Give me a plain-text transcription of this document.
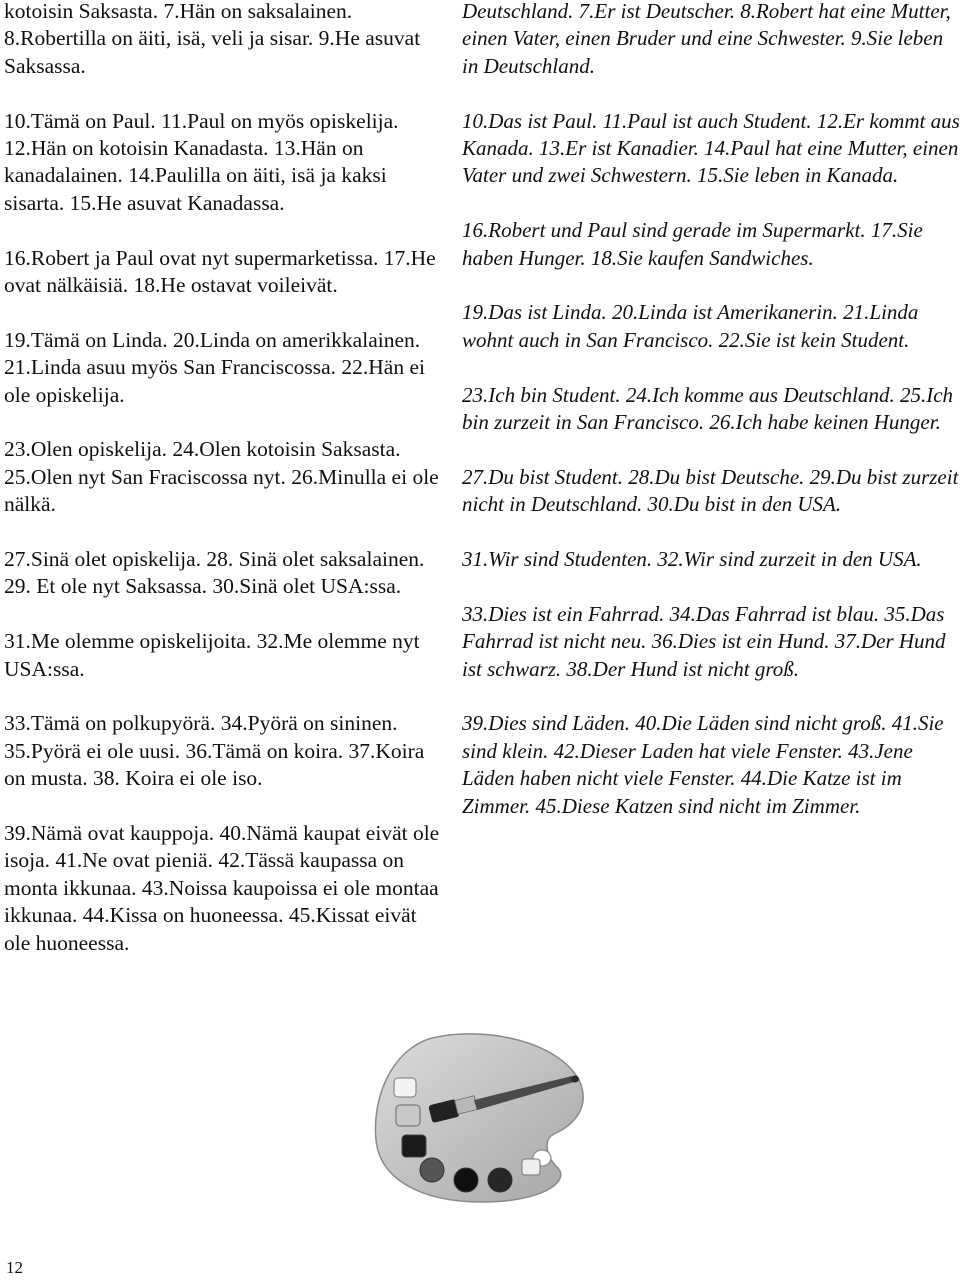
kotoisin Saksasta. 7.Hän on saksalainen. 8.Robertilla on äiti, isä, veli ja sisar. 9.He asuvat Saksassa.

10.Tämä on Paul. 11.Paul on myös opiskelija. 12.Hän on kotoisin Kanadasta. 13.Hän on kanadalainen. 14.Paulilla on äiti, isä ja kaksi sisarta. 15.He asuvat Kanadassa.

16.Robert ja Paul ovat nyt supermarketissa. 17.He ovat nälkäisiä. 18.He ostavat voileivät.

19.Tämä on Linda. 20.Linda on amerikkalainen. 21.Linda asuu myös San Franciscossa. 22.Hän ei ole opiskelija.

23.Olen opiskelija. 24.Olen kotoisin Saksasta. 25.Olen nyt San Fraciscossa nyt. 26.Minulla ei ole nälkä.

27.Sinä olet opiskelija. 28. Sinä olet saksalainen. 29. Et ole nyt Saksassa. 30.Sinä olet USA:ssa.

31.Me olemme opiskelijoita. 32.Me olemme nyt USA:ssa.

33.Tämä on polkupyörä. 34.Pyörä on sininen. 35.Pyörä ei ole uusi. 36.Tämä on koira. 37.Koira on musta. 38. Koira ei ole iso.

39.Nämä ovat kauppoja. 40.Nämä kaupat eivät ole isoja. 41.Ne ovat pieniä. 42.Tässä kaupassa on monta ikkunaa. 43.Noissa kaupoissa ei ole montaa ikkunaa. 44.Kissa on huoneessa. 45.Kissat eivät ole huoneessa.

Deutschland. 7.Er ist Deutscher. 8.Robert hat eine Mutter, einen Vater, einen Bruder und eine Schwester. 9.Sie leben in Deutschland.

10.Das ist Paul. 11.Paul ist auch Student. 12.Er kommt aus Kanada. 13.Er ist Kanadier. 14.Paul hat eine Mutter, einen Vater und zwei Schwestern. 15.Sie leben in Kanada.

16.Robert und Paul sind gerade im Supermarkt. 17.Sie haben Hunger. 18.Sie kaufen Sandwiches.

19.Das ist Linda. 20.Linda ist Amerikanerin. 21.Linda wohnt auch in San Francisco. 22.Sie ist kein Student.

23.Ich bin Student. 24.Ich komme aus Deutschland. 25.Ich bin zurzeit in San Francisco. 26.Ich habe keinen Hunger.

27.Du bist Student. 28.Du bist Deutsche. 29.Du bist zurzeit nicht in Deutschland. 30.Du bist in den USA.

31.Wir sind Studenten. 32.Wir sind zurzeit in den USA.

33.Dies ist ein Fahrrad. 34.Das Fahrrad ist blau. 35.Das Fahrrad ist nicht neu. 36.Dies ist ein Hund. 37.Der Hund ist schwarz. 38.Der Hund ist nicht groß.

39.Dies sind Läden. 40.Die Läden sind nicht groß. 41.Sie sind klein. 42.Dieser Laden hat viele Fenster. 43.Jene Läden haben nicht viele Fenster. 44.Die Katze ist im Zimmer. 45.Diese Katzen sind nicht im Zimmer.

12
